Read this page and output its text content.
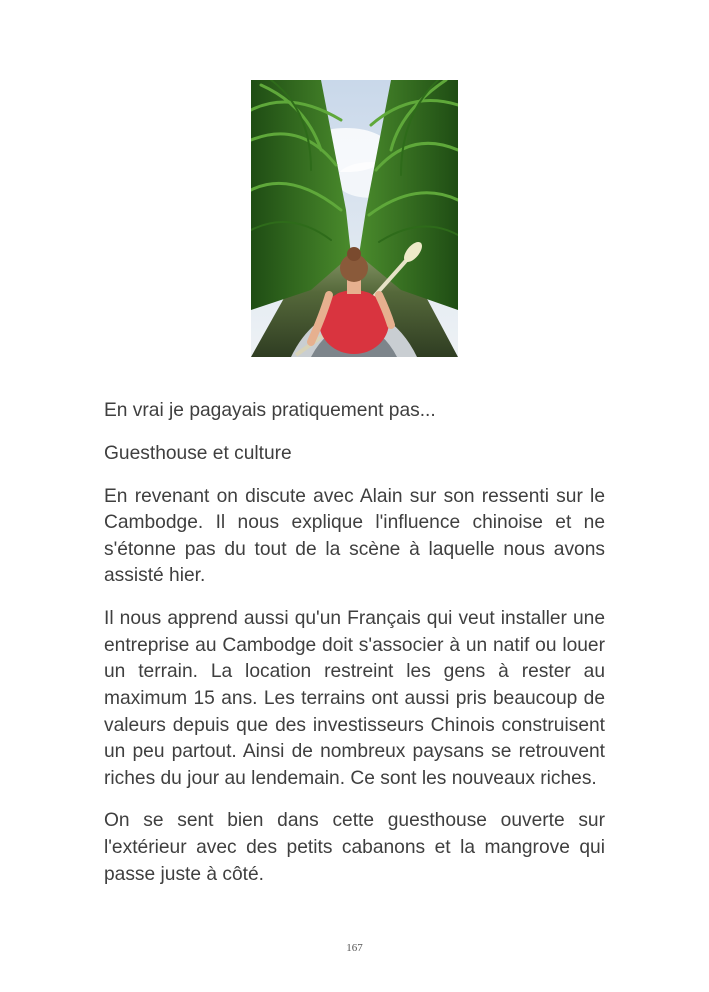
En vrai je pagayais pratiquement pas...

Guesthouse et culture

En revenant on discute avec Alain sur son ressenti sur le Cambodge. Il nous explique l'influence chinoise et ne s'étonne pas du tout de la scène à laquelle nous avons assisté hier.

Il nous apprend aussi qu'un Français qui veut installer une entreprise au Cambodge doit s'associer à un natif ou louer un terrain. La location restreint les gens à rester au maximum 15 ans. Les terrains ont aussi pris beaucoup de valeurs depuis que des investisseurs Chinois construisent un peu partout. Ainsi de nombreux paysans se retrouvent riches du jour au lendemain. Ce sont les nouveaux riches.

On se sent bien dans cette guesthouse ouverte sur l'extérieur avec des petits cabanons et la mangrove qui passe juste à côté.

167
